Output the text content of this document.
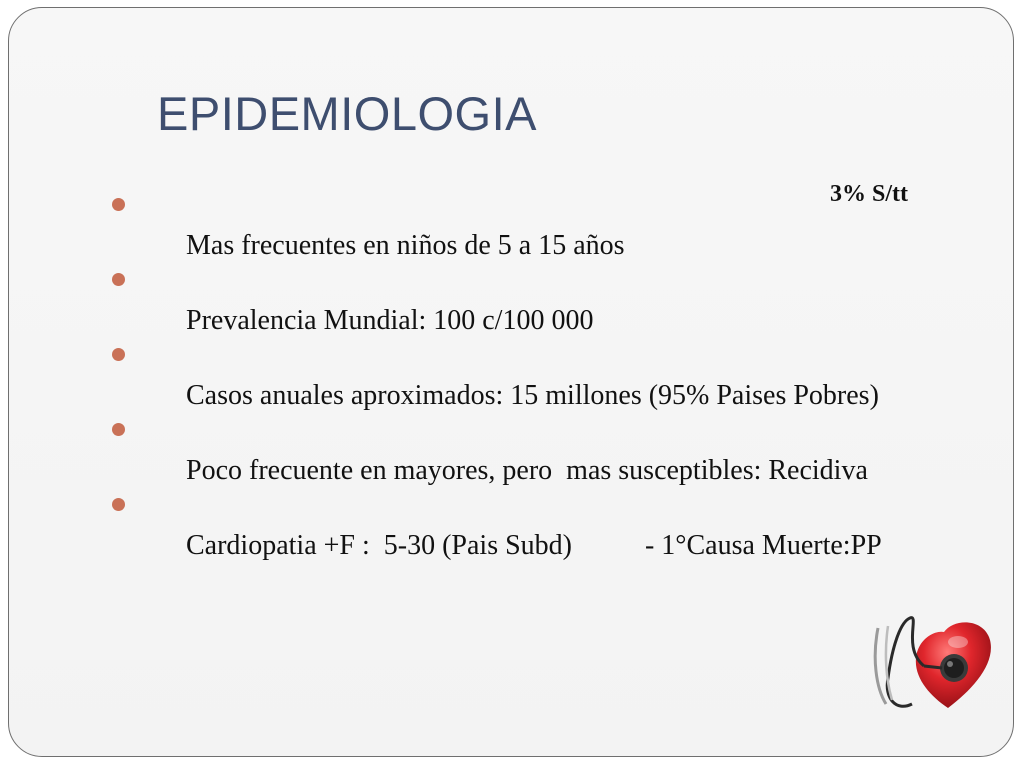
EPIDEMIOLOGIA
3% S/tt

Mas frecuentes en niños de 5 a 15 años

Prevalencia Mundial: 100 c/100 000

Casos anuales aproximados: 15 millones (95% Paises Pobres)

Poco frecuente en mayores, pero  mas susceptibles: Recidiva

Cardiopatia +F :  5-30 (Pais Subd)	- 1°Causa Muerte:PP
